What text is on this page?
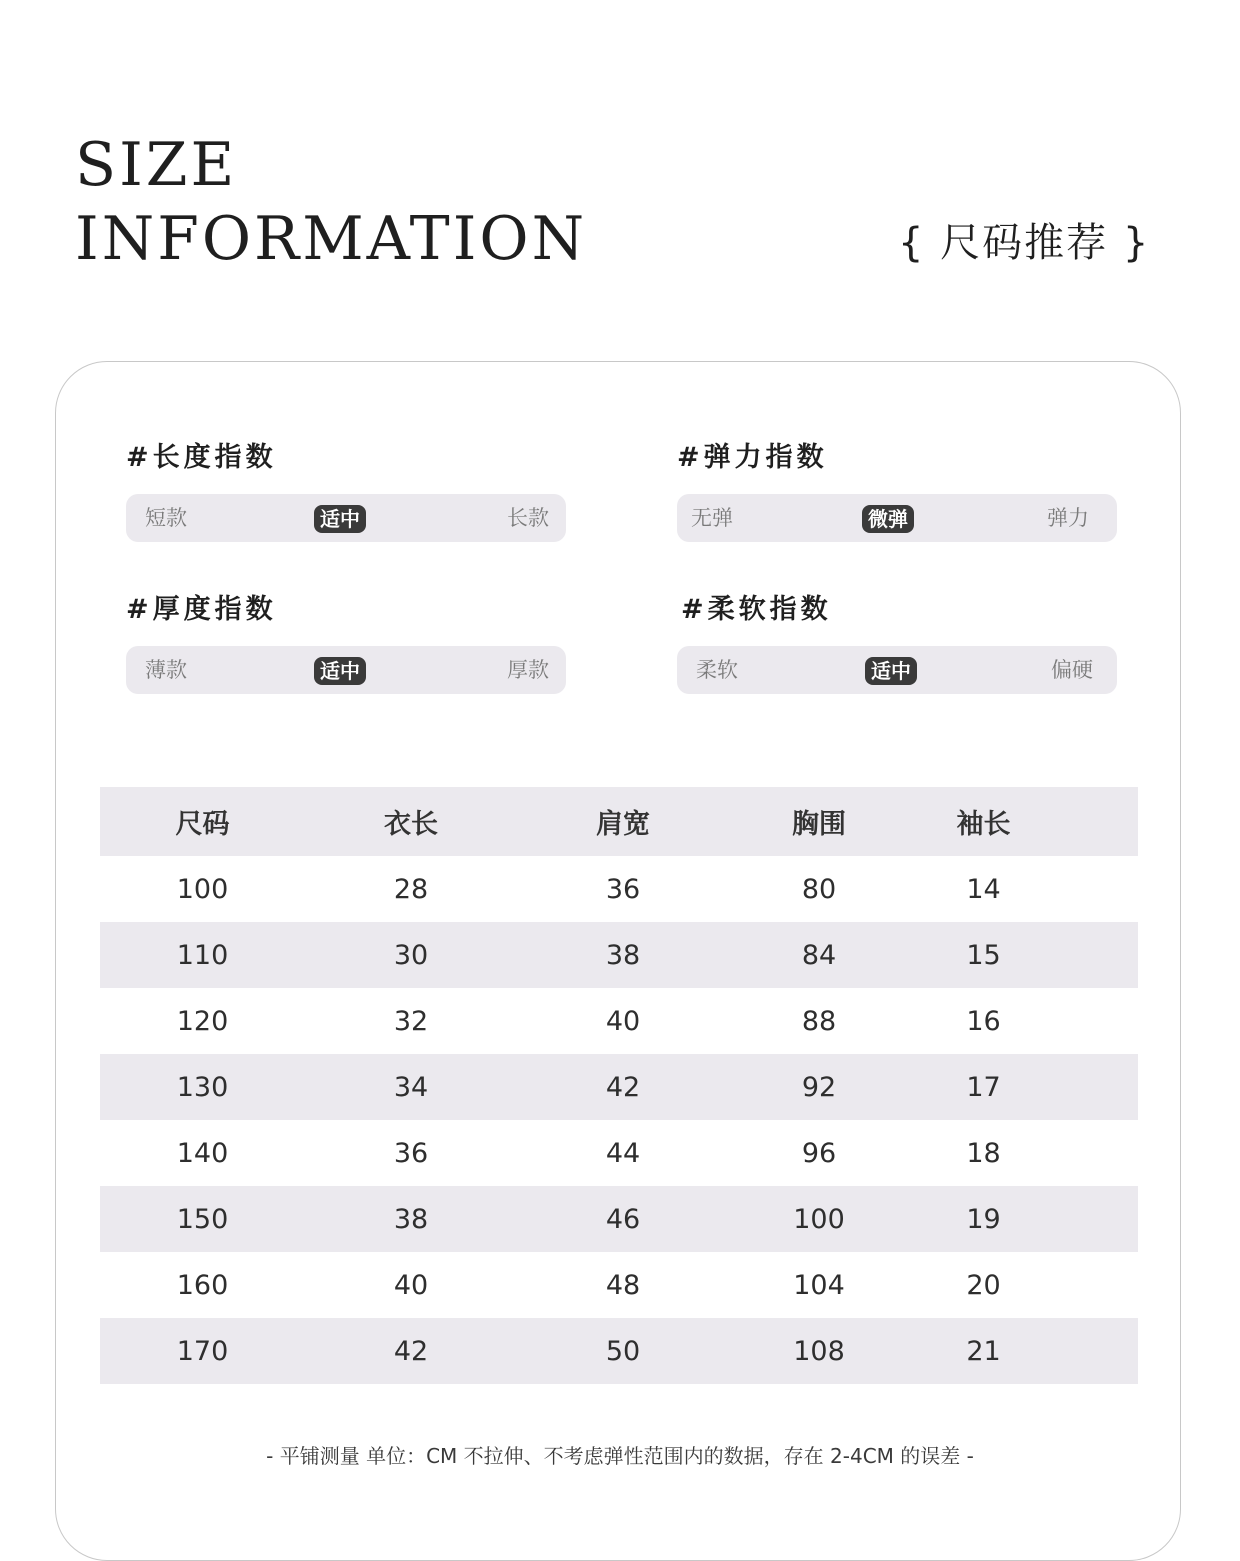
SIZE
INFORMATION	{ 尺码推荐 }
#长度指数
短款	适中	长款
#弹力指数
无弹	微弹	弹力
#厚度指数
薄款	适中	厚款
#柔软指数
柔软	适中	偏硬
尺码	衣长	肩宽	胸围	袖长	
100	28	36	80	14	
110	30	38	84	15	
120	32	40	88	16	
130	34	42	92	17	
140	36	44	96	18	
150	38	46	100	19	
160	40	48	104	20	
170	42	50	108	21	
- 平铺测量 单位：CM 不拉伸、不考虑弹性范围内的数据，存在 2-4CM 的误差 -
